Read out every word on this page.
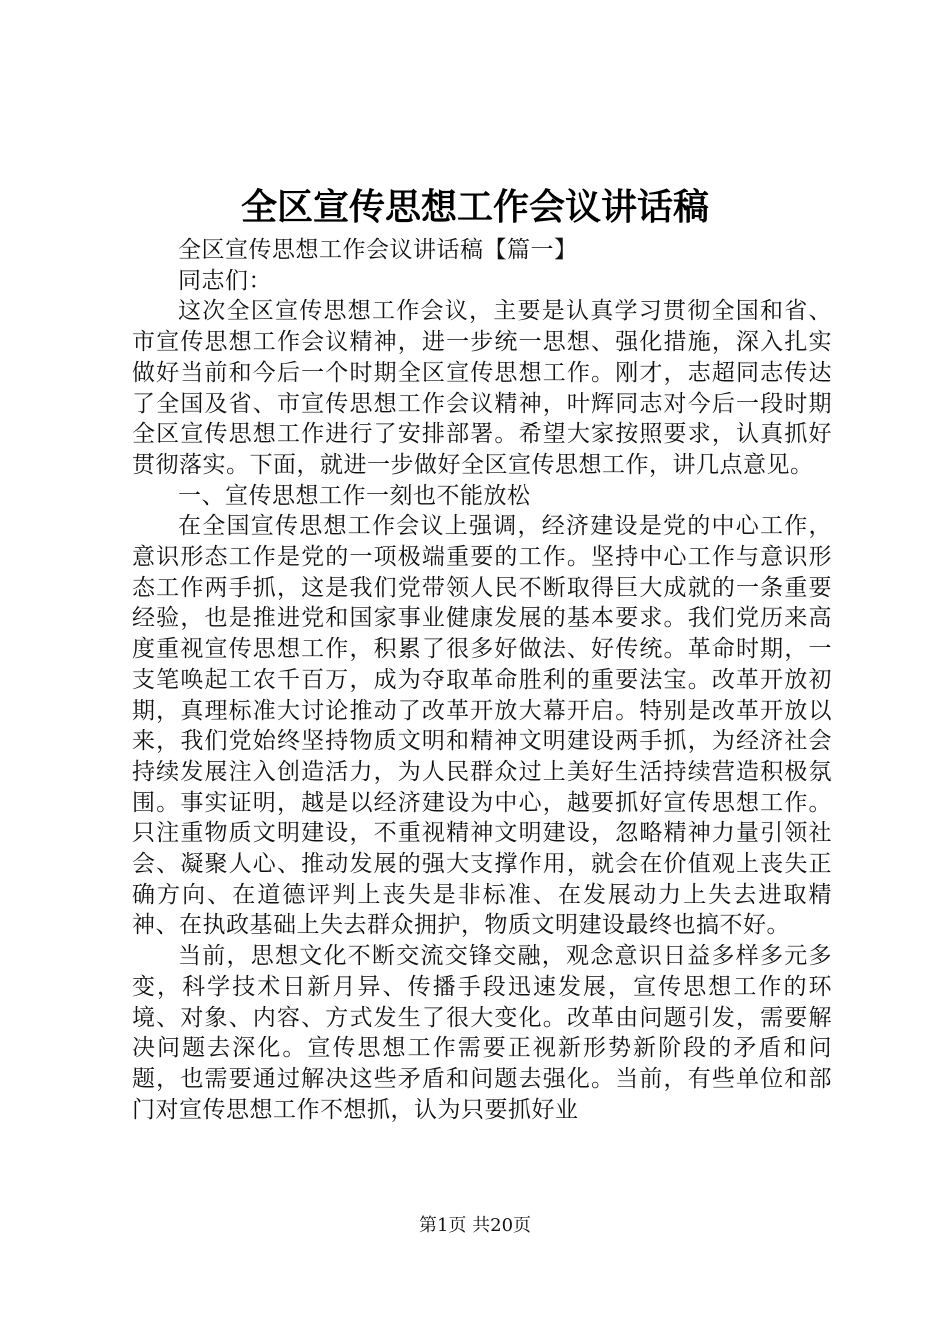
全区宣传思想工作会议讲话稿

全区宣传思想工作会议讲话稿【篇一】

同志们：

这次全区宣传思想工作会议，主要是认真学习贯彻全国和省、市宣传思想工作会议精神，进一步统一思想、强化措施，深入扎实做好当前和今后一个时期全区宣传思想工作。刚才，志超同志传达了全国及省、市宣传思想工作会议精神，叶辉同志对今后一段时期全区宣传思想工作进行了安排部署。希望大家按照要求，认真抓好贯彻落实。下面，就进一步做好全区宣传思想工作，讲几点意见。

一、宣传思想工作一刻也不能放松

在全国宣传思想工作会议上强调，经济建设是党的中心工作，意识形态工作是党的一项极端重要的工作。坚持中心工作与意识形态工作两手抓，这是我们党带领人民不断取得巨大成就的一条重要经验，也是推进党和国家事业健康发展的基本要求。我们党历来高度重视宣传思想工作，积累了很多好做法、好传统。革命时期，一支笔唤起工农千百万，成为夺取革命胜利的重要法宝。改革开放初期，真理标准大讨论推动了改革开放大幕开启。特别是改革开放以来，我们党始终坚持物质文明和精神文明建设两手抓，为经济社会持续发展注入创造活力，为人民群众过上美好生活持续营造积极氛围。事实证明，越是以经济建设为中心，越要抓好宣传思想工作。只注重物质文明建设，不重视精神文明建设，忽略精神力量引领社会、凝聚人心、推动发展的强大支撑作用，就会在价值观上丧失正确方向、在道德评判上丧失是非标准、在发展动力上失去进取精神、在执政基础上失去群众拥护，物质文明建设最终也搞不好。

当前，思想文化不断交流交锋交融，观念意识日益多样多元多变，科学技术日新月异、传播手段迅速发展，宣传思想工作的环境、对象、内容、方式发生了很大变化。改革由问题引发，需要解决问题去深化。宣传思想工作需要正视新形势新阶段的矛盾和问题，也需要通过解决这些矛盾和问题去强化。当前，有些单位和部门对宣传思想工作不想抓，认为只要抓好业

第1页 共20页
